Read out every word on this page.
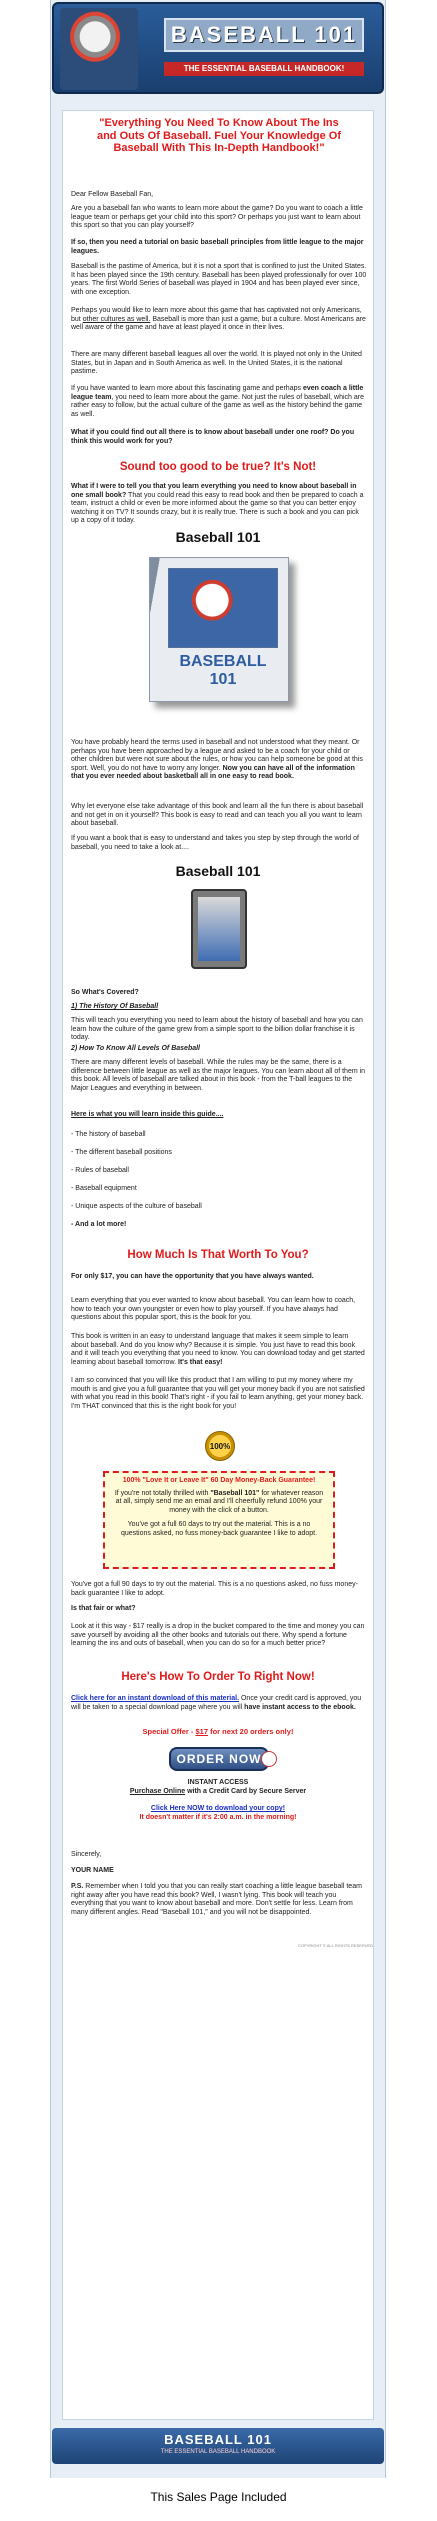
BASEBALL 101
THE ESSENTIAL BASEBALL HANDBOOK!
"Everything You Need To Know About The Ins and Outs Of Baseball. Fuel Your Knowledge Of Baseball With This In-Depth Handbook!"
Dear Fellow Baseball Fan,
Are you a baseball fan who wants to learn more about the game? Do you want to coach a little league team or perhaps get your child into this sport? Or perhaps you just want to learn about this sport so that you can play yourself?
If so, then you need a tutorial on basic baseball principles from little league to the major leagues.
Baseball is the pastime of America, but it is not a sport that is confined to just the United States. It has been played since the 19th century. Baseball has been played professionally for over 100 years. The first World Series of baseball was played in 1904 and has been played ever since, with one exception.
Perhaps you would like to learn more about this game that has captivated not only Americans, but other cultures as well. Baseball is more than just a game, but a culture. Most Americans are well aware of the game and have at least played it once in their lives.
There are many different baseball leagues all over the world. It is played not only in the United States, but in Japan and in South America as well. In the United States, it is the national pastime.
If you have wanted to learn more about this fascinating game and perhaps even coach a little league team, you need to learn more about the game. Not just the rules of baseball, which are rather easy to follow, but the actual culture of the game as well as the history behind the game as well.
What if you could find out all there is to know about baseball under one roof? Do you think this would work for you?
Sound too good to be true? It's Not!
What if I were to tell you that you learn everything you need to know about baseball in one small book? That you could read this easy to read book and then be prepared to coach a team, instruct a child or even be more informed about the game so that you can better enjoy watching it on TV? It sounds crazy, but it is really true. There is such a book and you can pick up a copy of it today.
Baseball 101
BASEBALL 101
You have probably heard the terms used in baseball and not understood what they meant. Or perhaps you have been approached by a league and asked to be a coach for your child or other children but were not sure about the rules, or how you can help someone be good at this sport. Well, you do not have to worry any longer. Now you can have all of the information that you ever needed about basketball all in one easy to read book.
Why let everyone else take advantage of this book and learn all the fun there is about baseball and not get in on it yourself? This book is easy to read and can teach you all you want to learn about baseball.
If you want a book that is easy to understand and takes you step by step through the world of baseball, you need to take a look at....
Baseball 101
So What's Covered?
1) The History Of Baseball
This will teach you everything you need to learn about the history of baseball and how you can learn how the culture of the game grew from a simple sport to the billion dollar franchise it is today.
2) How To Know All Levels Of Baseball
There are many different levels of baseball. While the rules may be the same, there is a difference between little league as well as the major leagues. You can learn about all of them in this book. All levels of baseball are talked about in this book - from the T-ball leagues to the Major Leagues and everything in between.
Here is what you will learn inside this guide....
- The history of baseball
- The different baseball positions
- Rules of baseball
- Baseball equipment
- Unique aspects of the culture of baseball
- And a lot more!
How Much Is That Worth To You?
For only $17, you can have the opportunity that you have always wanted.
Learn everything that you ever wanted to know about baseball. You can learn how to coach, how to teach your own youngster or even how to play yourself. If you have always had questions about this popular sport, this is the book for you.
This book is written in an easy to understand language that makes it seem simple to learn about baseball. And do you know why? Because it is simple. You just have to read this book and it will teach you everything that you need to know. You can download today and get started learning about baseball tomorrow. It's that easy!
I am so convinced that you will like this product that I am willing to put my money where my mouth is and give you a full guarantee that you will get your money back if you are not satisfied with what you read in this book! That's right - if you fail to learn anything, get your money back. I'm THAT convinced that this is the right book for you!
100%
100% "Love It or Leave It" 60 Day Money-Back Guarantee!
If you're not totally thrilled with "Baseball 101" for whatever reason at all, simply send me an email and I'll cheerfully refund 100% your money with the click of a button.
You've got a full 60 days to try out the material. This is a no questions asked, no fuss money-back guarantee I like to adopt.
You've got a full 90 days to try out the material. This is a no questions asked, no fuss money-back guarantee I like to adopt.
Is that fair or what?
Look at it this way - $17 really is a drop in the bucket compared to the time and money you can save yourself by avoiding all the other books and tutorials out there. Why spend a fortune learning the ins and outs of baseball, when you can do so for a much better price?
Here's How To Order To Right Now!
Click here for an instant download of this material. Once your credit card is approved, you will be taken to a special download page where you will have instant access to the ebook.
Special Offer - $17 for next 20 orders only!
ORDER NOW
INSTANT ACCESS
Purchase Online with a Credit Card by Secure Server
Click Here NOW to download your copy!
It doesn't matter if it's 2:00 a.m. in the morning!
Sincerely,
YOUR NAME
P.S. Remember when I told you that you can really start coaching a little league baseball team right away after you have read this book? Well, I wasn't lying. This book will teach you everything that you want to know about baseball and more. Don't settle for less. Learn from many different angles. Read "Baseball 101," and you will not be disappointed.
COPYRIGHT © ALL RIGHTS RESERVED
BASEBALL 101
THE ESSENTIAL BASEBALL HANDBOOK
This Sales Page Included
